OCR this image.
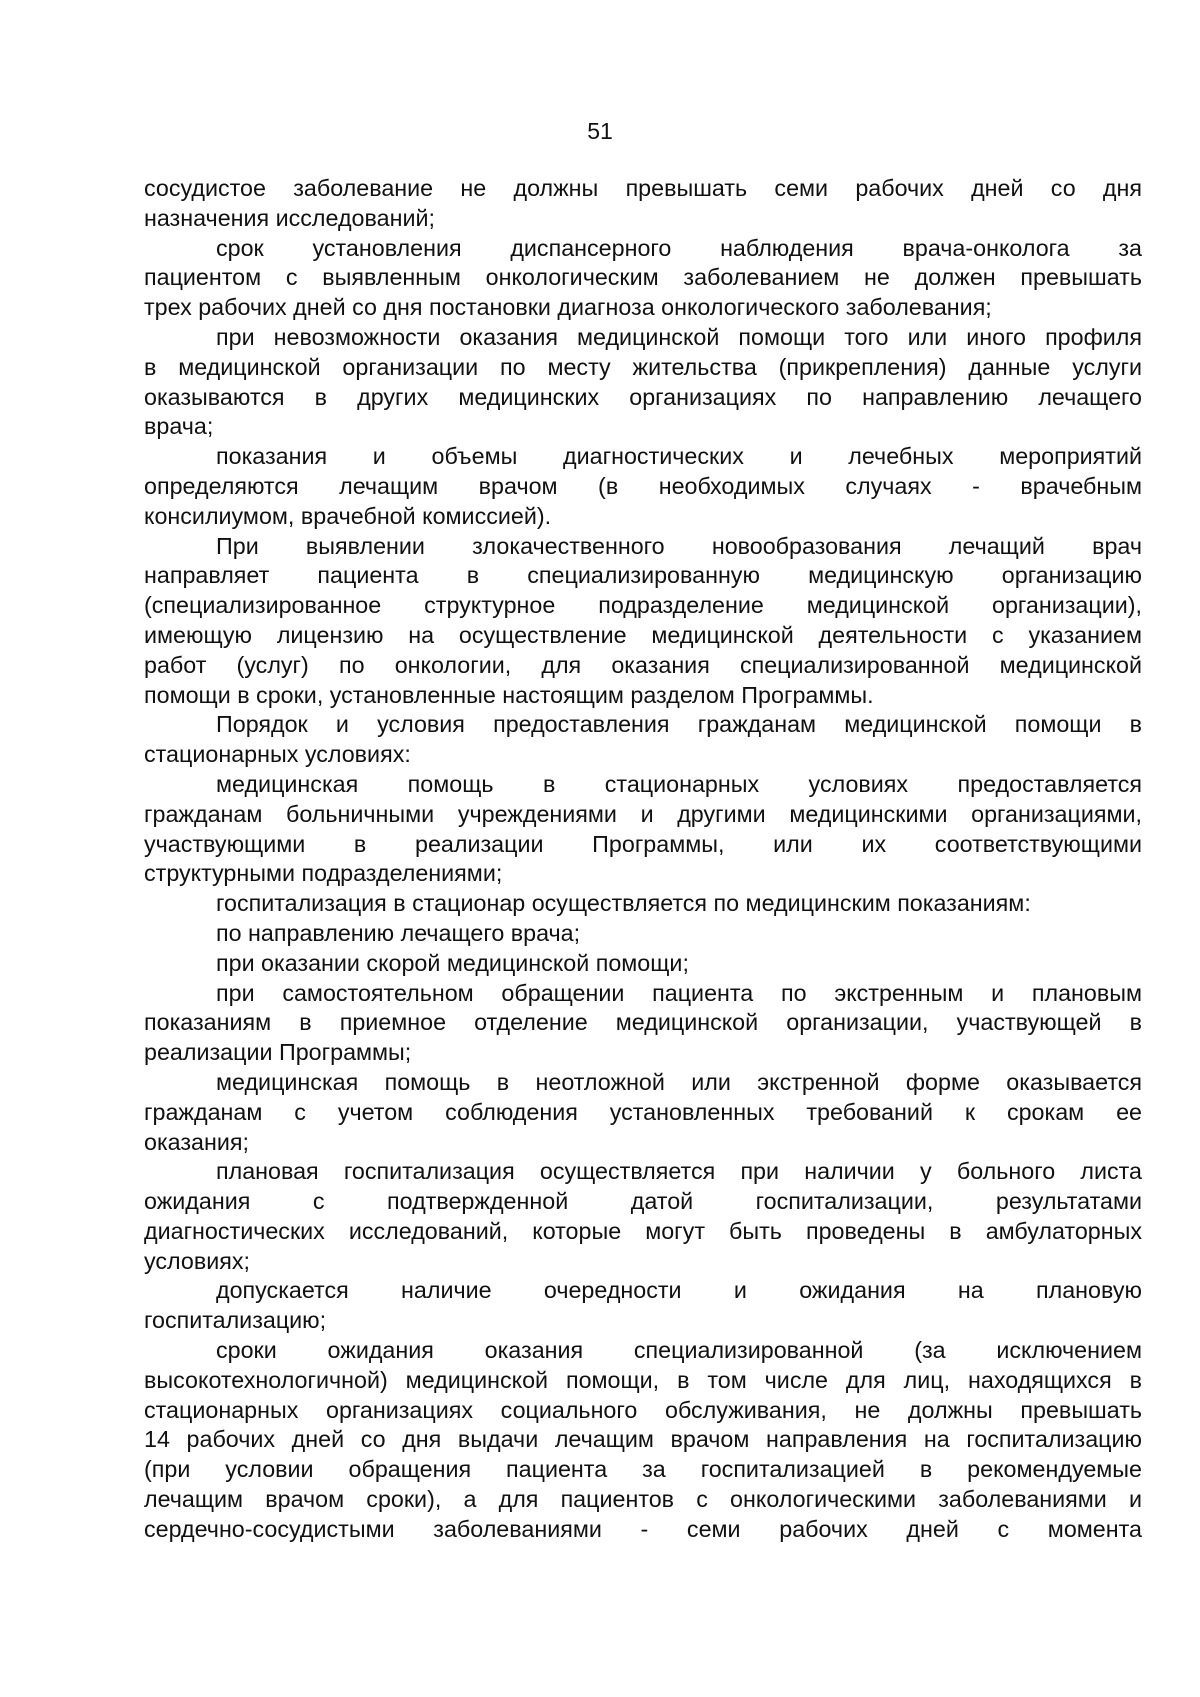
51

сосудистое заболевание не должны превышать семи рабочих дней со дня

назначения исследований;

срок установления диспансерного наблюдения врача-онколога за

пациентом с выявленным онкологическим заболеванием не должен превышать

трех рабочих дней со дня постановки диагноза онкологического заболевания;

при невозможности оказания медицинской помощи того или иного профиля

в медицинской организации по месту жительства (прикрепления) данные услуги

оказываются в других медицинских организациях по направлению лечащего

врача;

показания и объемы диагностических и лечебных мероприятий

определяются лечащим врачом (в необходимых случаях - врачебным

консилиумом, врачебной комиссией).

При выявлении злокачественного новообразования лечащий врач

направляет пациента в специализированную медицинскую организацию

(специализированное структурное подразделение медицинской организации),

имеющую лицензию на осуществление медицинской деятельности с указанием

работ (услуг) по онкологии, для оказания специализированной медицинской

помощи в сроки, установленные настоящим разделом Программы.

Порядок и условия предоставления гражданам медицинской помощи в

стационарных условиях:

медицинская помощь в стационарных условиях предоставляется

гражданам больничными учреждениями и другими медицинскими организациями,

участвующими в реализации Программы, или их соответствующими

структурными подразделениями;

госпитализация в стационар осуществляется по медицинским показаниям:

по направлению лечащего врача;

при оказании скорой медицинской помощи;

при самостоятельном обращении пациента по экстренным и плановым

показаниям в приемное отделение медицинской организации, участвующей в

реализации Программы;

медицинская помощь в неотложной или экстренной форме оказывается

гражданам с учетом соблюдения установленных требований к срокам ее

оказания;

плановая госпитализация осуществляется при наличии у больного листа

ожидания с подтвержденной датой госпитализации, результатами

диагностических исследований, которые могут быть проведены в амбулаторных

условиях;

допускается наличие очередности и ожидания на плановую

госпитализацию;

сроки ожидания оказания специализированной (за исключением

высокотехнологичной) медицинской помощи, в том числе для лиц, находящихся в

стационарных организациях социального обслуживания, не должны превышать

14 рабочих дней со дня выдачи лечащим врачом направления на госпитализацию

(при условии обращения пациента за госпитализацией в рекомендуемые

лечащим врачом сроки), а для пациентов с онкологическими заболеваниями и

сердечно-сосудистыми заболеваниями - семи рабочих дней с момента
